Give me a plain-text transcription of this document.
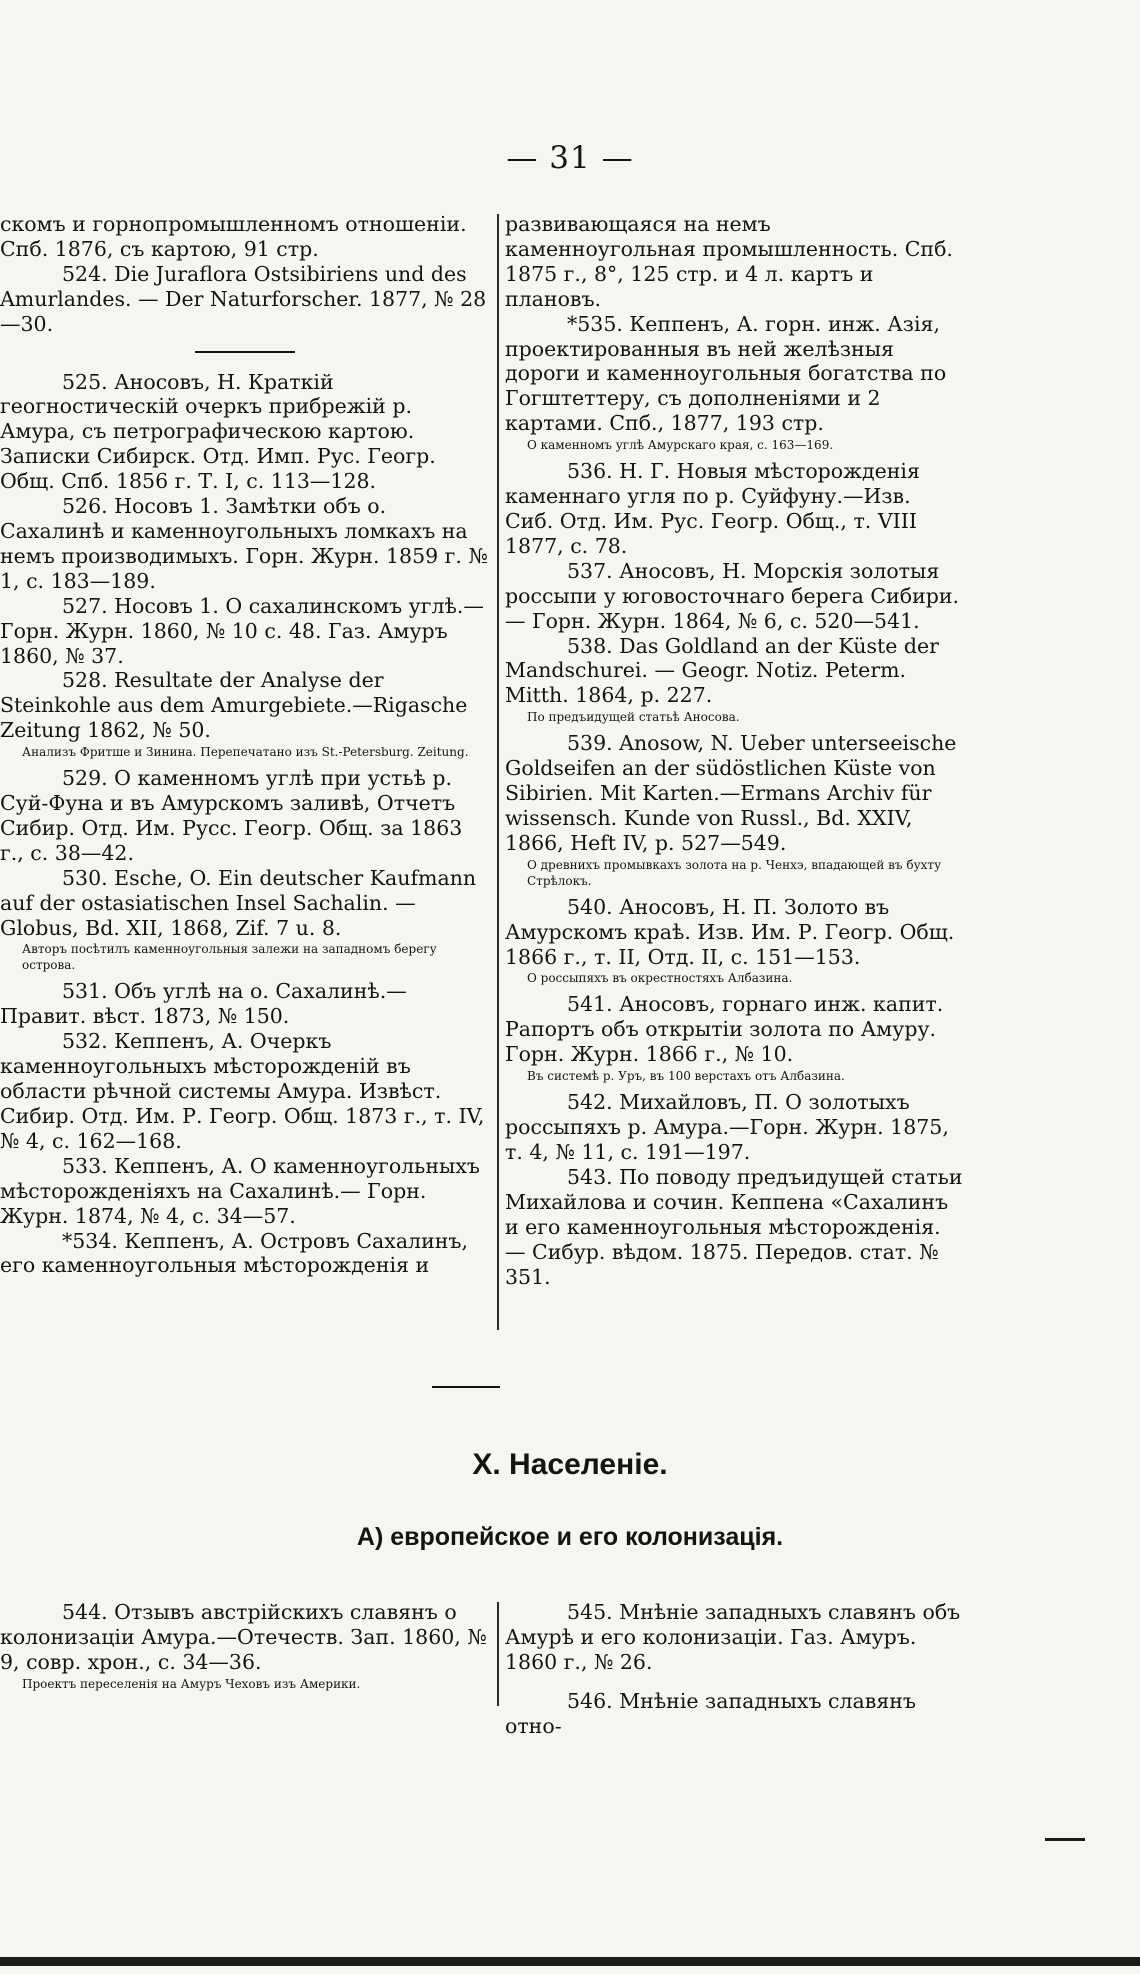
— 31 —

скомъ и горнопромышленномъ отношеніи. Спб. 1876, съ картою, 91 стр.

524. Die Juraflora Ostsibiriens und des Amurlandes. — Der Naturforscher. 1877, № 28—30.

525. Аносовъ, Н. Краткій геогностическій очеркъ прибрежій р. Амура, съ петрографическою картою. Записки Сибирск. Отд. Имп. Рус. Геогр. Общ. Спб. 1856 г. Т. I, с. 113—128.

526. Носовъ 1. Замѣтки объ о. Сахалинѣ и каменноугольныхъ ломкахъ на немъ производимыхъ. Горн. Журн. 1859 г. № 1, с. 183—189.

527. Носовъ 1. О сахалинскомъ углѣ.— Горн. Журн. 1860, № 10 с. 48. Газ. Амуръ 1860, № 37.

528. Resultate der Analyse der Steinkohle aus dem Amurgebiete.—Rigasche Zeitung 1862, № 50.

Анализъ Фритше и Зинина. Перепечатано изъ St.-Petersburg. Zeitung.

529. О каменномъ углѣ при устьѣ р. Суй-Фуна и въ Амурскомъ заливѣ, Отчетъ Сибир. Отд. Им. Русс. Геогр. Общ. за 1863 г., с. 38—42.

530. Esche, O. Ein deutscher Kaufmann auf der ostasiatischen Insel Sachalin. — Globus, Bd. XII, 1868, Zif. 7 u. 8.

Авторъ посѣтилъ каменноугольныя залежи на западномъ берегу острова.

531. Объ углѣ на о. Сахалинѣ.—Правит. вѣст. 1873, № 150.

532. Кеппенъ, А. Очеркъ каменноугольныхъ мѣсторожденій въ области рѣчной системы Амура. Извѣст. Сибир. Отд. Им. Р. Геогр. Общ. 1873 г., т. IV, № 4, с. 162—168.

533. Кеппенъ, А. О каменноугольныхъ мѣсторожденіяхъ на Сахалинѣ.— Горн. Журн. 1874, № 4, с. 34—57.

*534. Кеппенъ, А. Островъ Сахалинъ, его каменноугольныя мѣсторожденія и

развивающаяся на немъ каменноугольная промышленность. Спб. 1875 г., 8°, 125 стр. и 4 л. картъ и плановъ.

*535. Кеппенъ, А. горн. инж. Азія, проектированныя въ ней желѣзныя дороги и каменноугольныя богатства по Гогштеттеру, съ дополненіями и 2 картами. Спб., 1877, 193 стр.

О каменномъ углѣ Амурскаго края, с. 163—169.

536. Н. Г. Новыя мѣсторожденія каменнаго угля по р. Суйфуну.—Изв. Сиб. Отд. Им. Рус. Геогр. Общ., т. VIII 1877, с. 78.

537. Аносовъ, Н. Морскія золотыя россыпи у юговосточнаго берега Сибири.— Горн. Журн. 1864, № 6, с. 520—541.

538. Das Goldland an der Küste der Mandschurei. — Geogr. Notiz. Peterm. Mitth. 1864, p. 227.

По предъидущей статьѣ Аносова.

539. Anosow, N. Ueber unterseeische Goldseifen an der südöstlichen Küste von Sibirien. Mit Karten.—Ermans Archiv für wissensch. Kunde von Russl., Bd. XXIV, 1866, Heft IV, p. 527—549.

О древнихъ промывкахъ золота на р. Ченхэ, впадающей въ бухту Стрѣлокъ.

540. Аносовъ, Н. П. Золото въ Амурскомъ краѣ. Изв. Им. Р. Геогр. Общ. 1866 г., т. II, Отд. II, с. 151—153.

О россыпяхъ въ окрестностяхъ Албазина.

541. Аносовъ, горнаго инж. капит. Рапортъ объ открытіи золота по Амуру. Горн. Журн. 1866 г., № 10.

Въ системѣ р. Уръ, въ 100 верстахъ отъ Албазина.

542. Михайловъ, П. О золотыхъ россыпяхъ р. Амура.—Горн. Журн. 1875, т. 4, № 11, с. 191—197.

543. По поводу предъидущей статьи Михайлова и сочин. Кеппена «Сахалинъ и его каменноугольныя мѣсторожденія. — Сибур. вѣдом. 1875. Передов. стат. № 351.

X. Населеніе.
A) европейское и его колонизація.

544. Отзывъ австрійскихъ славянъ о колонизаціи Амура.—Отечеств. Зап. 1860, № 9, совр. хрон., с. 34—36.

Проектъ переселенія на Амуръ Чеховъ изъ Америки.

545. Мнѣніе западныхъ славянъ объ Амурѣ и его колонизаціи. Газ. Амуръ. 1860 г., № 26.

546. Мнѣніе западныхъ славянъ отно-
